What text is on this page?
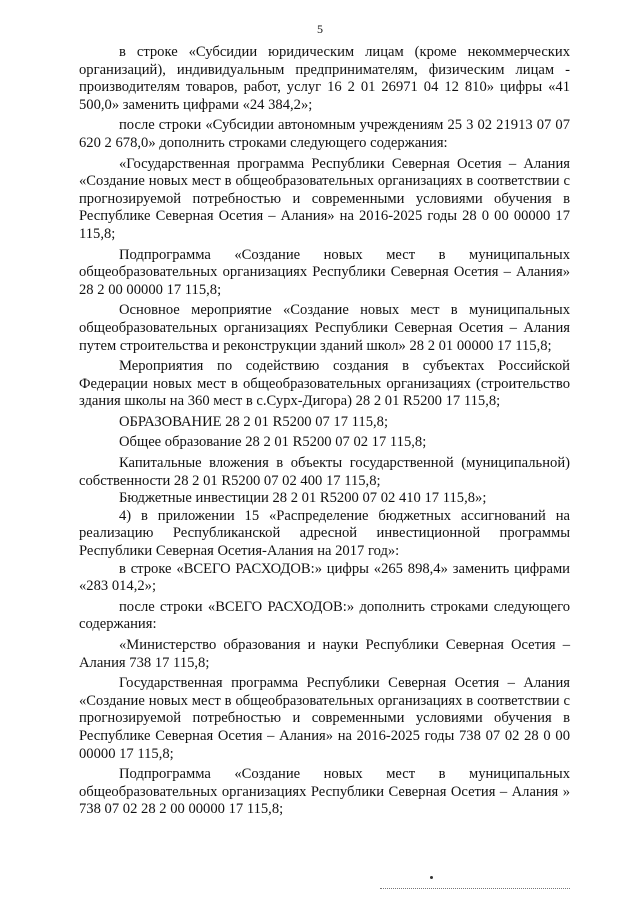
5

в строке «Субсидии юридическим лицам (кроме некоммерческих организаций), индивидуальным предпринимателям, физическим лицам - производителям товаров, работ, услуг 16 2 01 26971 04 12 810» цифры «41 500,0» заменить цифрами «24 384,2»;

после строки «Субсидии автономным учреждениям 25 3 02 21913 07 07 620 2 678,0» дополнить строками следующего содержания:

«Государственная программа Республики Северная Осетия – Алания «Создание новых мест в общеобразовательных организациях в соответствии с прогнозируемой потребностью и современными условиями обучения в Республике Северная Осетия – Алания» на 2016-2025 годы 28 0 00 00000 17 115,8;

Подпрограмма «Создание новых мест в муниципальных общеобразовательных организациях Республики Северная Осетия – Алания» 28 2 00 00000 17 115,8;

Основное мероприятие «Создание новых мест в муниципальных общеобразовательных организациях Республики Северная Осетия – Алания путем строительства и реконструкции зданий школ» 28 2 01 00000 17 115,8;

Мероприятия по содействию создания в субъектах Российской Федерации новых мест в общеобразовательных организациях (строительство здания школы на 360 мест в с.Сурх-Дигора) 28 2 01 R5200 17 115,8;

ОБРАЗОВАНИЕ 28 2 01 R5200 07 17 115,8;

Общее образование 28 2 01 R5200 07 02 17 115,8;

Капитальные вложения в объекты государственной (муниципальной) собственности 28 2 01 R5200 07 02 400 17 115,8;

Бюджетные инвестиции 28 2 01 R5200 07 02 410 17 115,8»;

4) в приложении 15 «Распределение бюджетных ассигнований на реализацию Республиканской адресной инвестиционной программы Республики Северная Осетия-Алания на 2017 год»:

в строке «ВСЕГО РАСХОДОВ:» цифры «265 898,4» заменить цифрами «283 014,2»;

после строки «ВСЕГО РАСХОДОВ:» дополнить строками следующего содержания:

«Министерство образования и науки Республики Северная Осетия – Алания 738 17 115,8;

Государственная программа Республики Северная Осетия – Алания «Создание новых мест в общеобразовательных организациях в соответствии с прогнозируемой потребностью и современными условиями обучения в Республике Северная Осетия – Алания» на 2016-2025 годы 738 07 02 28 0 00 00000 17 115,8;

Подпрограмма «Создание новых мест в муниципальных общеобразовательных организациях Республики Северная Осетия – Алания » 738 07 02 28 2 00 00000 17 115,8;
